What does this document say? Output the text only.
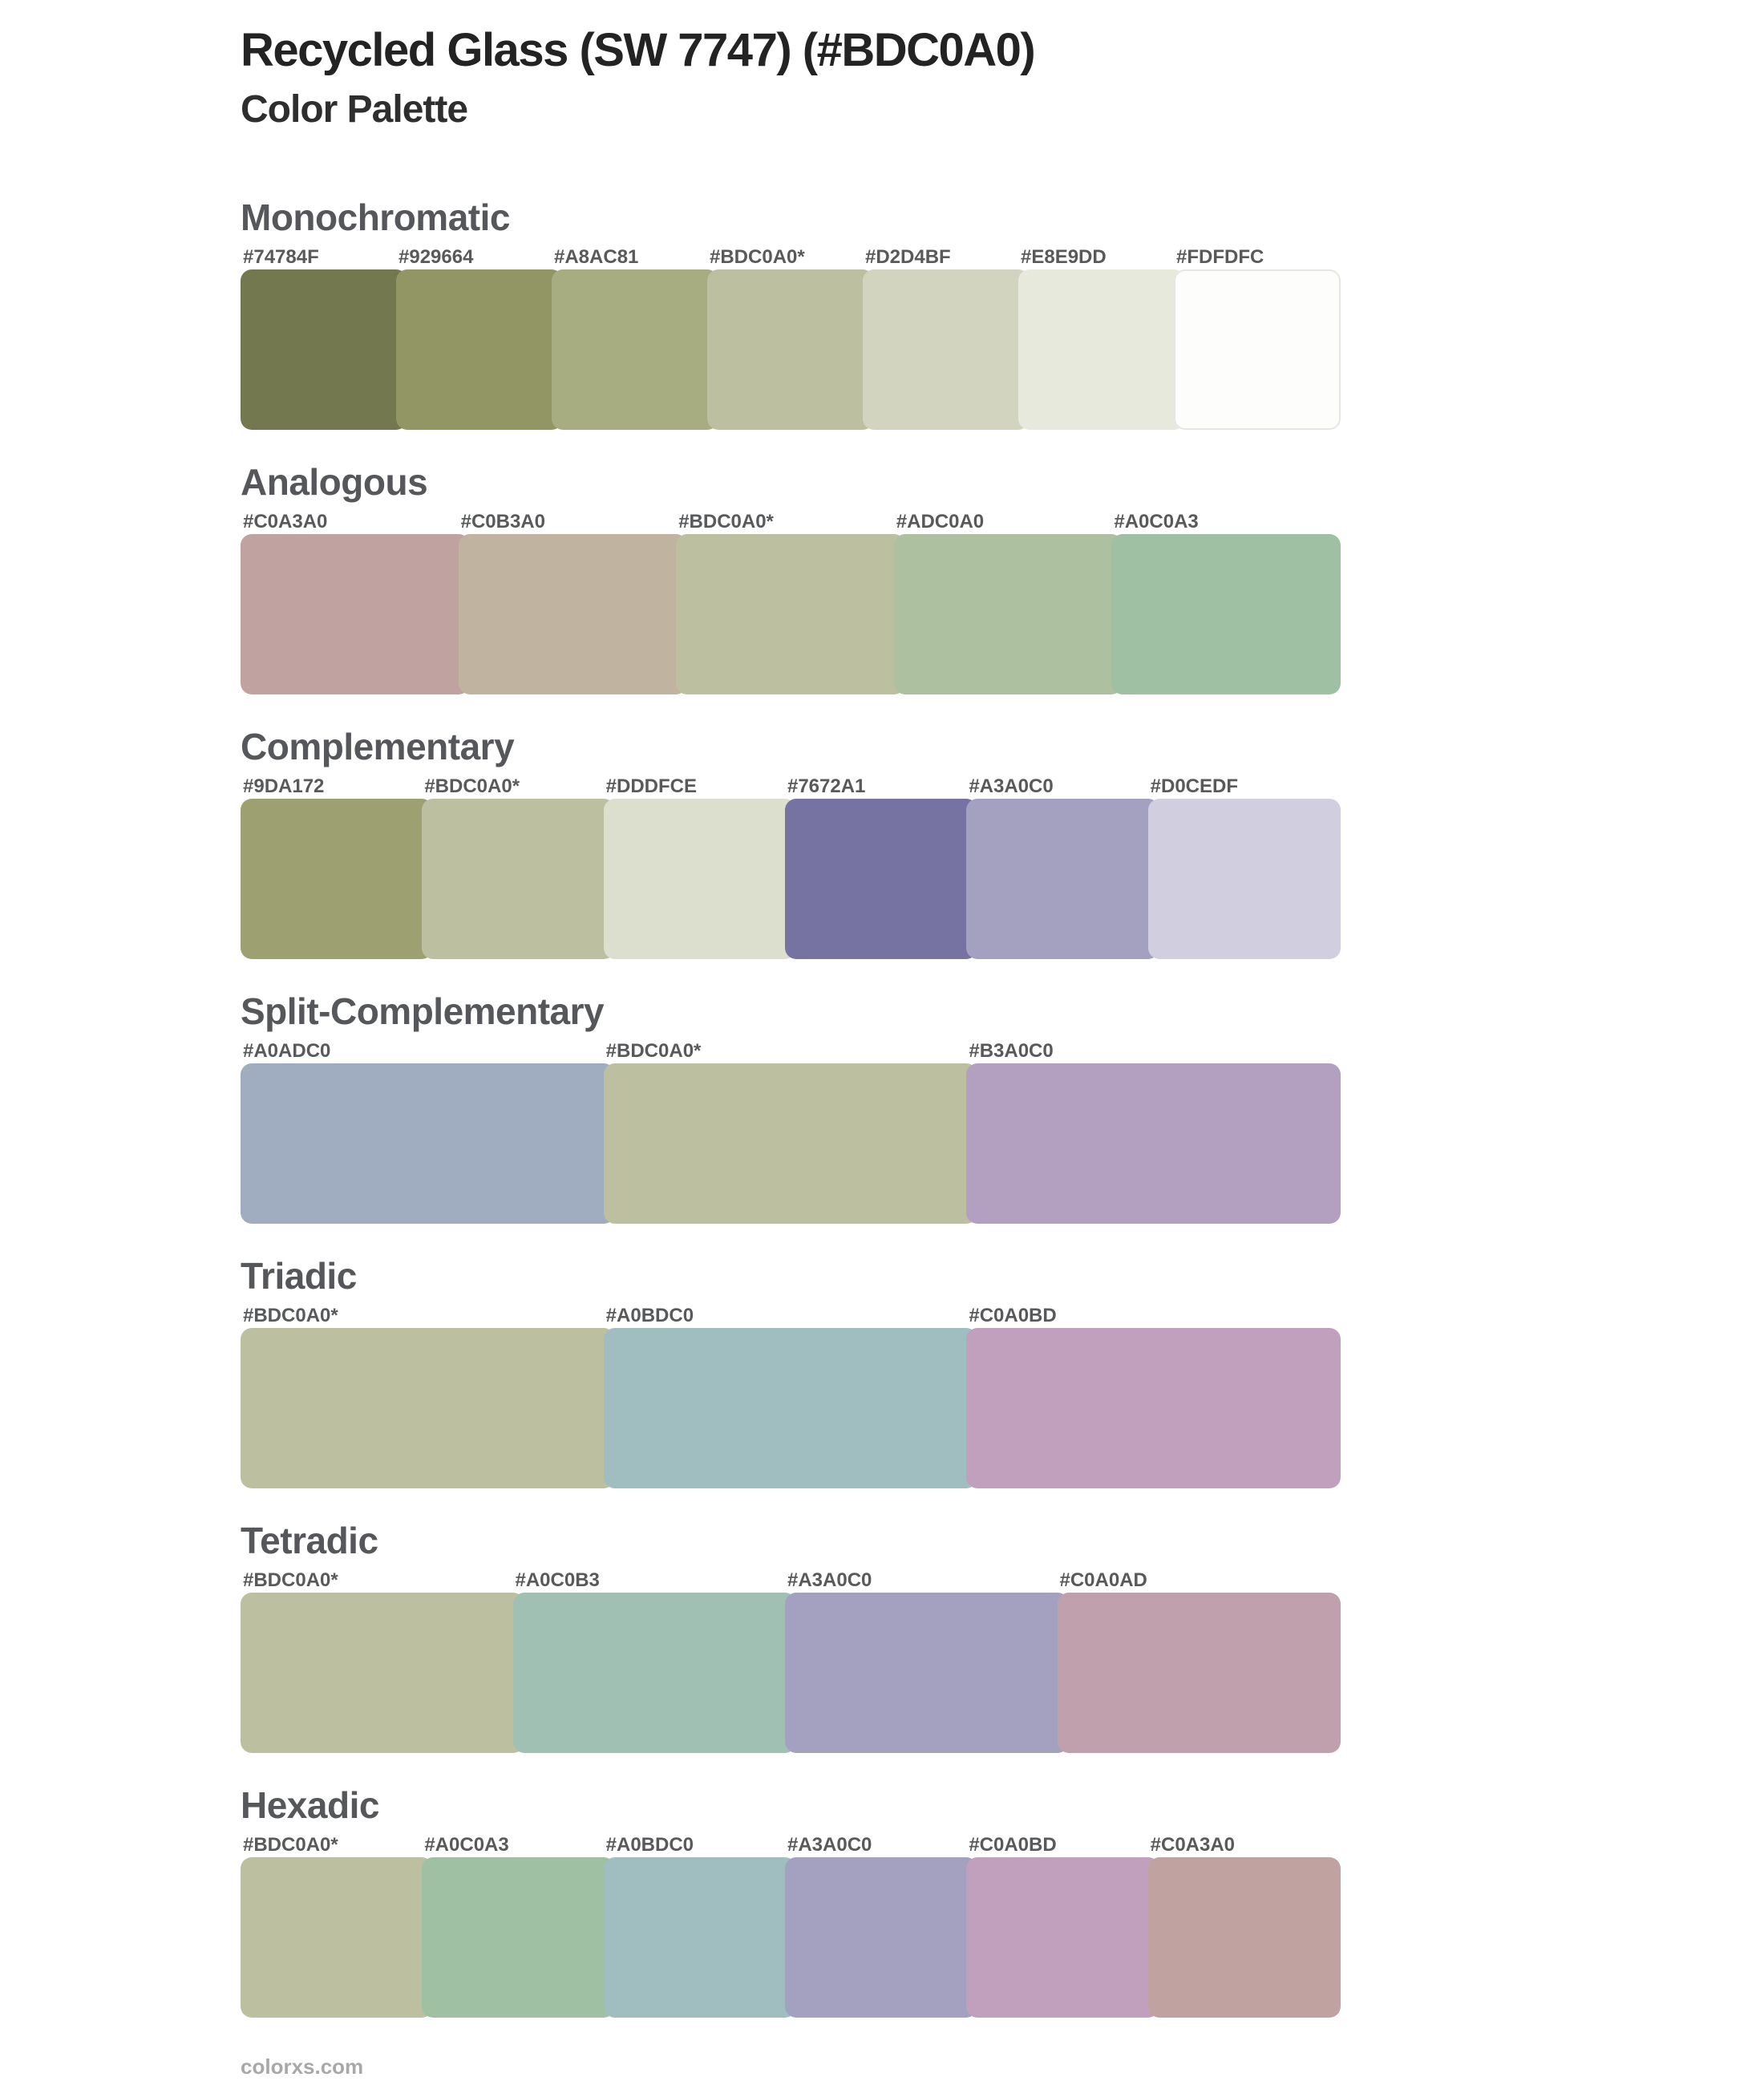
Recycled Glass (SW 7747) (#BDC0A0)
Color Palette
Monochromatic
#74784F	#929664	#A8AC81	#BDC0A0*	#D2D4BF	#E8E9DD	#FDFDFC
Analogous
#C0A3A0	#C0B3A0	#BDC0A0*	#ADC0A0	#A0C0A3
Complementary
#9DA172	#BDC0A0*	#DDDFCE	#7672A1	#A3A0C0	#D0CEDF
Split-Complementary
#A0ADC0	#BDC0A0*	#B3A0C0
Triadic
#BDC0A0*	#A0BDC0	#C0A0BD
Tetradic
#BDC0A0*	#A0C0B3	#A3A0C0	#C0A0AD
Hexadic
#BDC0A0*	#A0C0A3	#A0BDC0	#A3A0C0	#C0A0BD	#C0A3A0
colorxs.com
